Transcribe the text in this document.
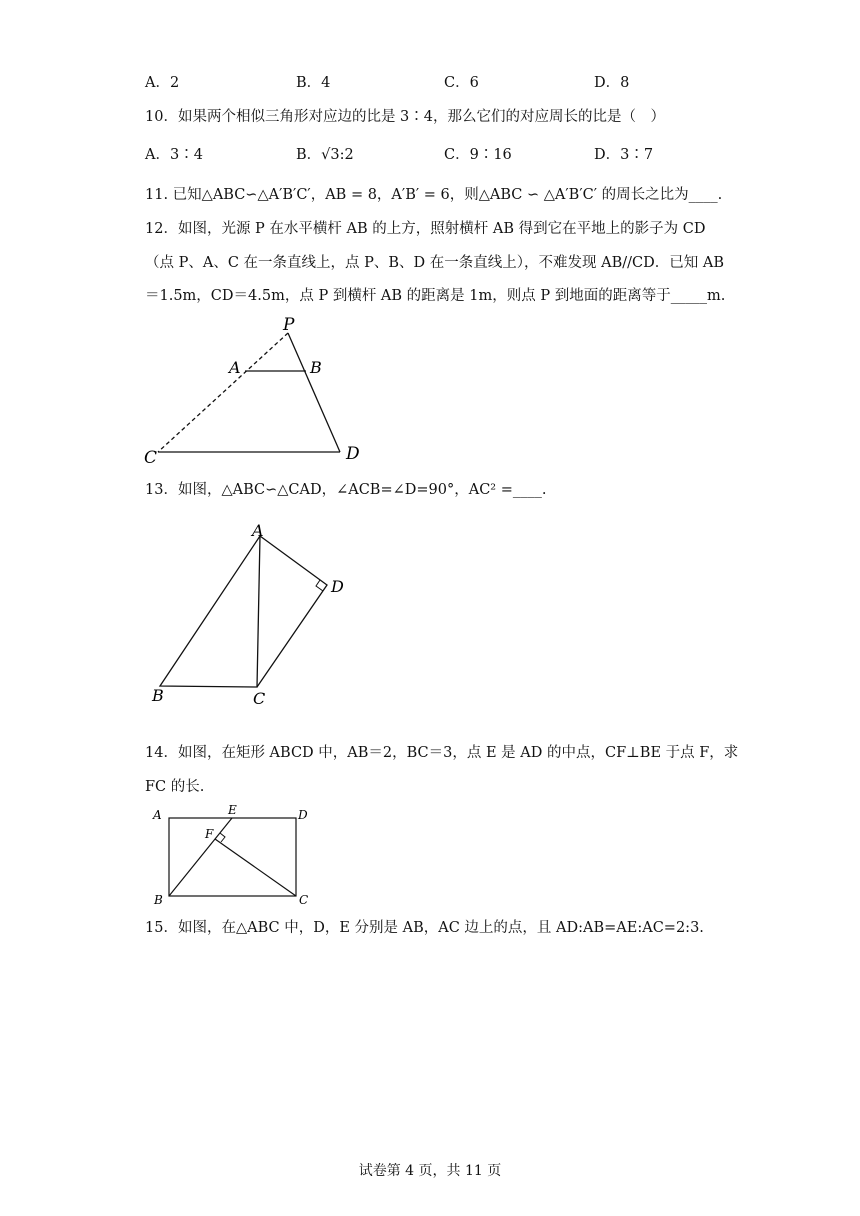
A．2	B．4	C．6	D．8
10．如果两个相似三角形对应边的比是 3∶4，那么它们的对应周长的比是（　）
A．3∶4	B．√3:2	C．9∶16	D．3∶7
11. 已知△ABC∽△A′B′C′，AB = 8，A′B′ = 6，则△ABC ∽ △A′B′C′ 的周长之比为____.
12．如图，光源 P 在水平横杆 AB 的上方，照射横杆 AB 得到它在平地上的影子为 CD
（点 P、A、C 在一条直线上，点 P、B、D 在一条直线上），不难发现 AB//CD．已知 AB
＝1.5m，CD＝4.5m，点 P 到横杆 AB 的距离是 1m，则点 P 到地面的距离等于_____m.
P
A	B
C	D
13．如图，△ABC∽△CAD，∠ACB=∠D=90°，AC² =____.
A
D
B	C
14．如图，在矩形 ABCD 中，AB＝2，BC＝3，点 E 是 AD 的中点，CF⊥BE 于点 F，求
FC 的长.
A	E	D
F
B	C
15．如图，在△ABC 中，D，E 分别是 AB，AC 边上的点，且 AD:AB=AE:AC=2:3.
试卷第 4 页，共 11 页
